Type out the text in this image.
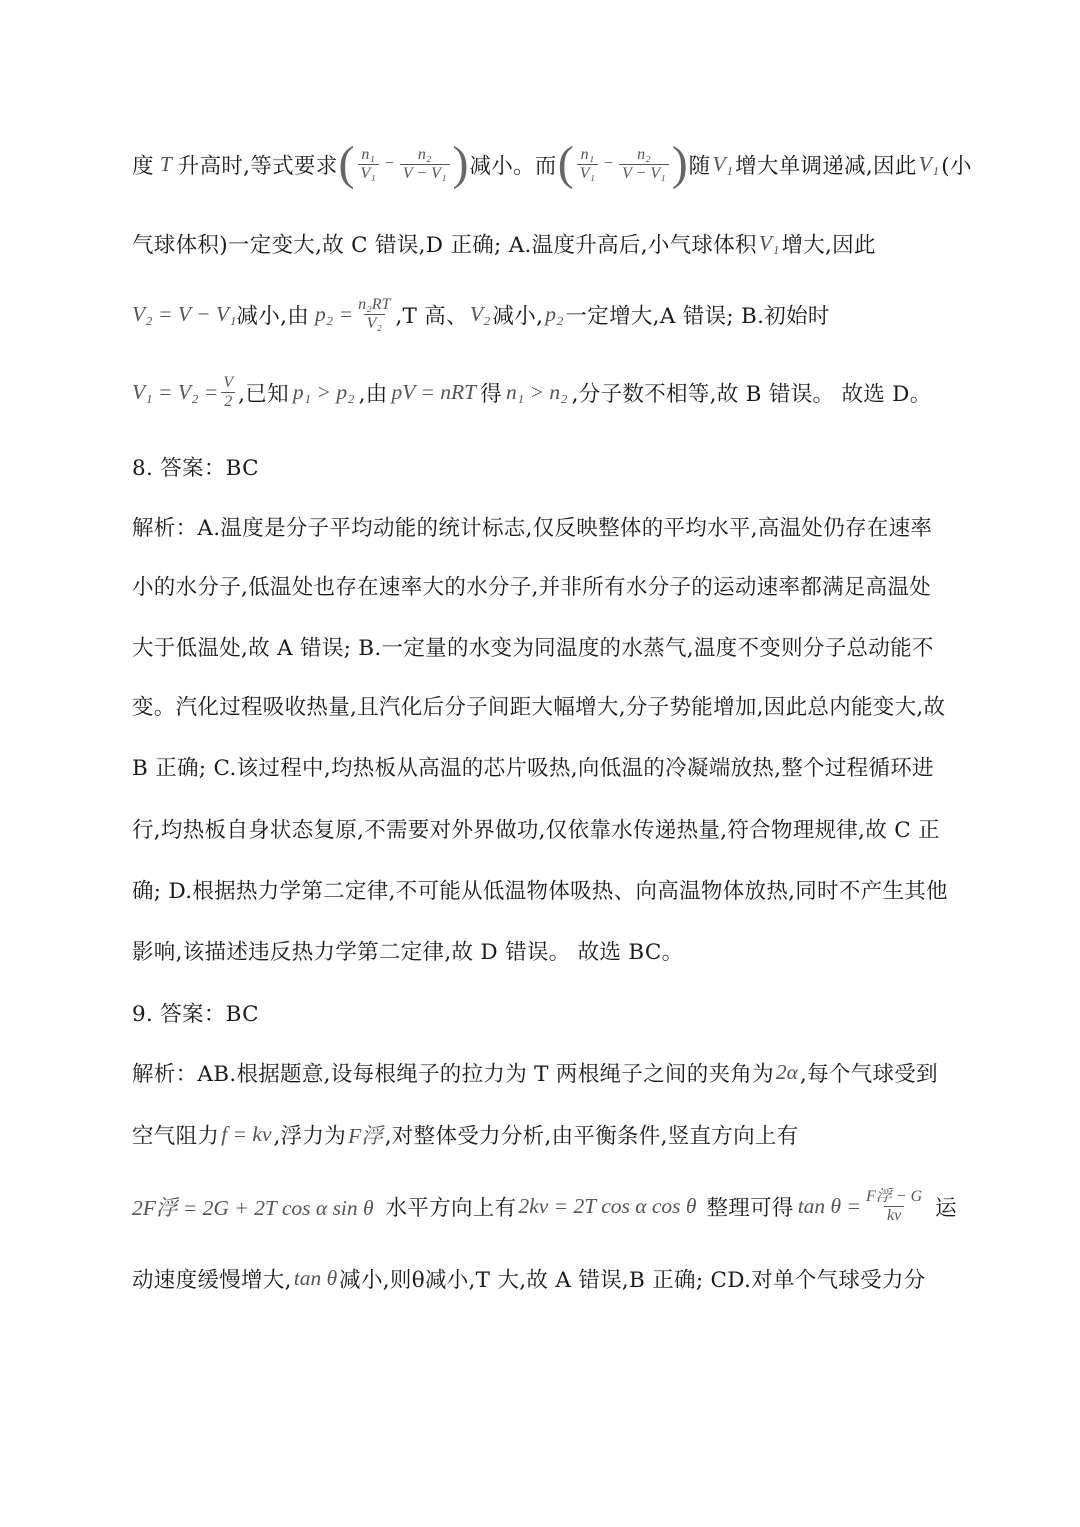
度 T 升高时,等式要求 ( $\frac{\text{n₁}}{\text{V₁}} - \frac{\text{n₂}}{\text{V − V₁}}$ ) 减小。而 ( $\frac{\text{n₁}}{\text{V₁}} - \frac{\text{n₂}}{\text{V − V₁}}$ ) 随 V₁ 增大单调递减,因此 V₁ (小
气球体积)一定变大,故 C 错误,D 正确; A.温度升高后,小气球体积 V₁ 增大,因此
V₂ = V − V₁ 减小,由 $p_2 = \frac{\text{n₂RT}}{\text{V₂}} ,T$ 高、 V₂ 减小, p₂ 一定增大,A 错误; B.初始时
$V_1 = V_2 = \frac{V}{2}$ ,已知 p₁ > p₂ ,由 pV = nRT 得 n₁ > n₂ ,分子数不相等,故 B 错误。 故选 D。
8. 答案：BC
解析：A.温度是分子平均动能的统计标志,仅反映整体的平均水平,高温处仍存在速率
小的水分子,低温处也存在速率大的水分子,并非所有水分子的运动速率都满足高温处
大于低温处,故 A 错误; B.一定量的水变为同温度的水蒸气,温度不变则分子总动能不
变。汽化过程吸收热量,且汽化后分子间距大幅增大,分子势能增加,因此总内能变大,故
B 正确; C.该过程中,均热板从高温的芯片吸热,向低温的冷凝端放热,整个过程循环进
行,均热板自身状态复原,不需要对外界做功,仅依靠水传递热量,符合物理规律,故 C 正
确; D.根据热力学第二定律,不可能从低温物体吸热、向高温物体放热,同时不产生其他
影响,该描述违反热力学第二定律,故 D 错误。 故选 BC。
9. 答案：BC
解析：AB.根据题意,设每根绳子的拉力为 T 两根绳子之间的夹角为 2α ,每个气球受到
空气阻力 f = kv ,浮力为 F浮 ,对整体受力分析,由平衡条件,竖直方向上有
2F浮 = 2G + 2T cos α sin θ 水平方向上有 2kv = 2T cos α cos θ 整理可得 $\tan \theta = \frac{\text{F浮 − G}}{kv}$ 运
动速度缓慢增大, tan θ 减小,则θ减小,T 大,故 A 错误,B 正确; CD.对单个气球受力分
